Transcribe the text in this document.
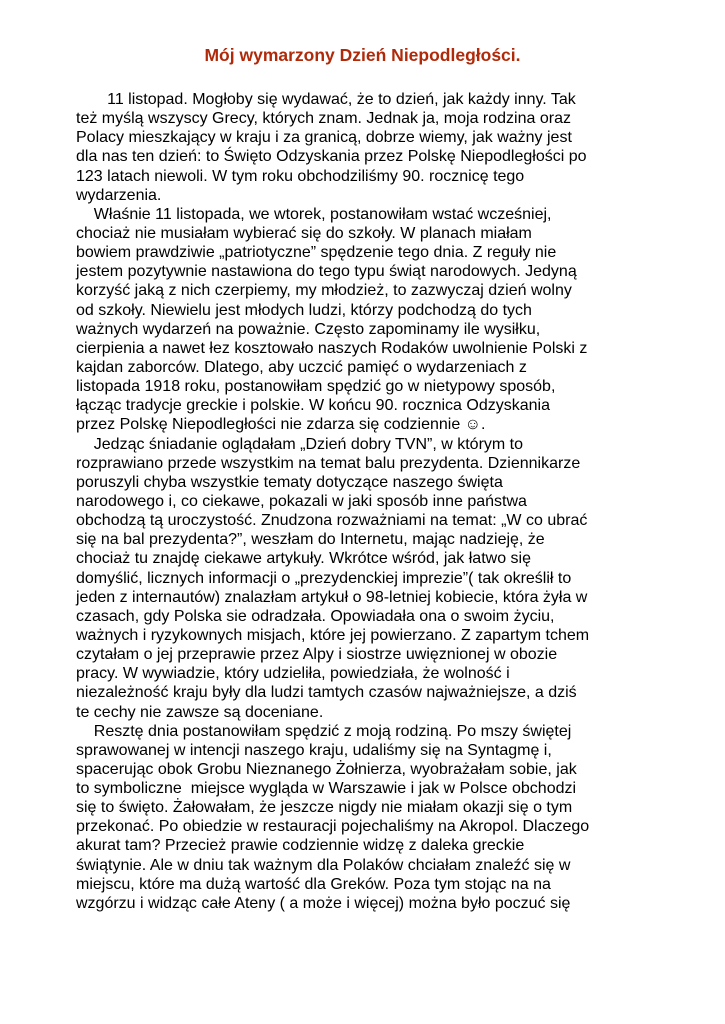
Mój wymarzony Dzień Niepodległości.
11 listopad. Mogłoby się wydawać, że to dzień, jak każdy inny. Tak
też myślą wszyscy Grecy, których znam. Jednak ja, moja rodzina oraz
Polacy mieszkający w kraju i za granicą, dobrze wiemy, jak ważny jest
dla nas ten dzień: to Święto Odzyskania przez Polskę Niepodległości po
123 latach niewoli. W tym roku obchodziliśmy 90. rocznicę tego
wydarzenia.
Właśnie 11 listopada, we wtorek, postanowiłam wstać wcześniej,
chociaż nie musiałam wybierać się do szkoły. W planach miałam
bowiem prawdziwie „patriotyczne” spędzenie tego dnia. Z reguły nie
jestem pozytywnie nastawiona do tego typu świąt narodowych. Jedyną
korzyść jaką z nich czerpiemy, my młodzież, to zazwyczaj dzień wolny
od szkoły. Niewielu jest młodych ludzi, którzy podchodzą do tych
ważnych wydarzeń na poważnie. Często zapominamy ile wysiłku,
cierpienia a nawet łez kosztowało naszych Rodaków uwolnienie Polski z
kajdan zaborców. Dlatego, aby uczcić pamięć o wydarzeniach z
listopada 1918 roku, postanowiłam spędzić go w nietypowy sposób,
łącząc tradycje greckie i polskie. W końcu 90. rocznica Odzyskania
przez Polskę Niepodległości nie zdarza się codziennie ☺.
Jedząc śniadanie oglądałam „Dzień dobry TVN”, w którym to
rozprawiano przede wszystkim na temat balu prezydenta. Dziennikarze
poruszyli chyba wszystkie tematy dotyczące naszego święta
narodowego i, co ciekawe, pokazali w jaki sposób inne państwa
obchodzą tą uroczystość. Znudzona rozważniami na temat: „W co ubrać
się na bal prezydenta?”, weszłam do Internetu, mając nadzieję, że
chociaż tu znajdę ciekawe artykuły. Wkrótce wśród, jak łatwo się
domyślić, licznych informacji o „prezydenckiej imprezie”( tak określił to
jeden z internautów) znalazłam artykuł o 98-letniej kobiecie, która żyła w
czasach, gdy Polska sie odradzała. Opowiadała ona o swoim życiu,
ważnych i ryzykownych misjach, które jej powierzano. Z zapartym tchem
czytałam o jej przeprawie przez Alpy i siostrze uwięznionej w obozie
pracy. W wywiadzie, który udzieliła, powiedziała, że wolność i
niezależność kraju były dla ludzi tamtych czasów najważniejsze, a dziś
te cechy nie zawsze są doceniane.
Resztę dnia postanowiłam spędzić z moją rodziną. Po mszy świętej
sprawowanej w intencji naszego kraju, udaliśmy się na Syntagmę i,
spacerując obok Grobu Nieznanego Żołnierza, wyobrażałam sobie, jak
to symboliczne  miejsce wygląda w Warszawie i jak w Polsce obchodzi
się to święto. Żałowałam, że jeszcze nigdy nie miałam okazji się o tym
przekonać. Po obiedzie w restauracji pojechaliśmy na Akropol. Dlaczego
akurat tam? Przecież prawie codziennie widzę z daleka greckie
świątynie. Ale w dniu tak ważnym dla Polaków chciałam znaleźć się w
miejscu, które ma dużą wartość dla Greków. Poza tym stojąc na na
wzgórzu i widząc całe Ateny ( a może i więcej) można było poczuć się
